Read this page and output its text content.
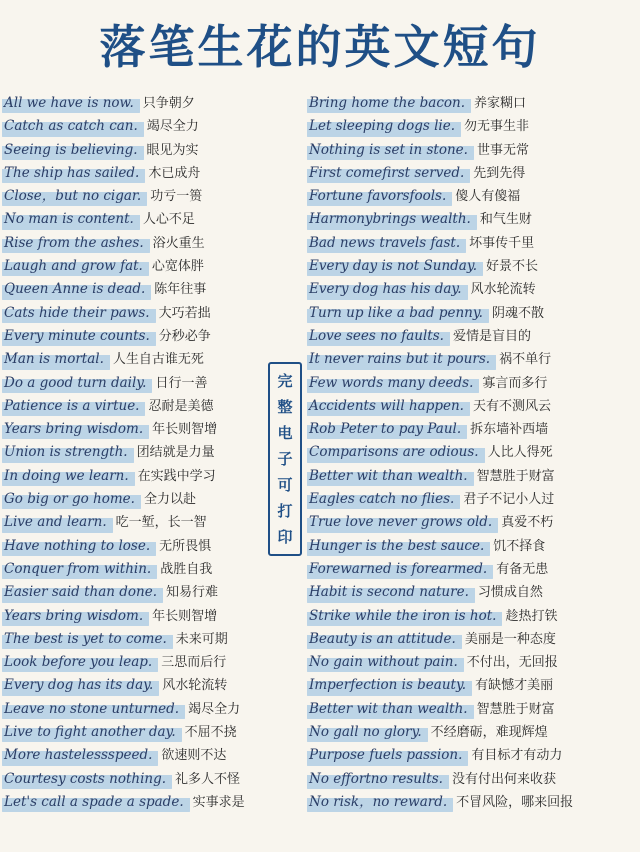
落笔生花的英文短句
All we have is now. 只争朝夕
Catch as catch can. 竭尽全力
Seeing is believing. 眼见为实
The ship has sailed. 木已成舟
Close，but no cigar. 功亏一篑
No man is content. 人心不足
Rise from the ashes. 浴火重生
Laugh and grow fat. 心宽体胖
Queen Anne is dead. 陈年往事
Cats hide their paws. 大巧若拙
Every minute counts. 分秒必争
Man is mortal. 人生自古谁无死
Do a good turn daily. 日行一善
Patience is a virtue. 忍耐是美德
Years bring wisdom. 年长则智增
Union is strength. 团结就是力量
In doing we learn. 在实践中学习
Go big or go home. 全力以赴
Live and learn. 吃一堑，长一智
Have nothing to lose. 无所畏惧
Conquer from within. 战胜自我
Easier said than done. 知易行难
Years bring wisdom. 年长则智增
The best is yet to come. 未来可期
Look before you leap. 三思而后行
Every dog has its day. 风水轮流转
Leave no stone unturned. 竭尽全力
Live to fight another day. 不屈不挠
More hastelessspeed. 欲速则不达
Courtesy costs nothing. 礼多人不怪
Let's call a spade a spade. 实事求是
完
整
电
子
可
打
印
Bring home the bacon. 养家糊口
Let sleeping dogs lie. 勿无事生非
Nothing is set in stone. 世事无常
First comefirst served. 先到先得
Fortune favorsfools. 傻人有傻福
Harmonybrings wealth. 和气生财
Bad news travels fast. 坏事传千里
Every day is not Sunday. 好景不长
Every dog has his day. 风水轮流转
Turn up like a bad penny. 阴魂不散
Love sees no faults. 爱情是盲目的
It never rains but it pours. 祸不单行
Few words many deeds. 寡言而多行
Accidents will happen. 天有不测风云
Rob Peter to pay Paul. 拆东墙补西墙
Comparisons are odious. 人比人得死
Better wit than wealth. 智慧胜于财富
Eagles catch no flies. 君子不记小人过
True love never grows old. 真爱不朽
Hunger is the best sauce. 饥不择食
Forewarned is forearmed. 有备无患
Habit is second nature. 习惯成自然
Strike while the iron is hot. 趁热打铁
Beauty is an attitude. 美丽是一种态度
No gain without pain. 不付出，无回报
Imperfection is beauty. 有缺憾才美丽
Better wit than wealth. 智慧胜于财富
No gall no glory. 不经磨砺，难现辉煌
Purpose fuels passion. 有目标才有动力
No effortno results. 没有付出何来收获
No risk，no reward. 不冒风险，哪来回报
